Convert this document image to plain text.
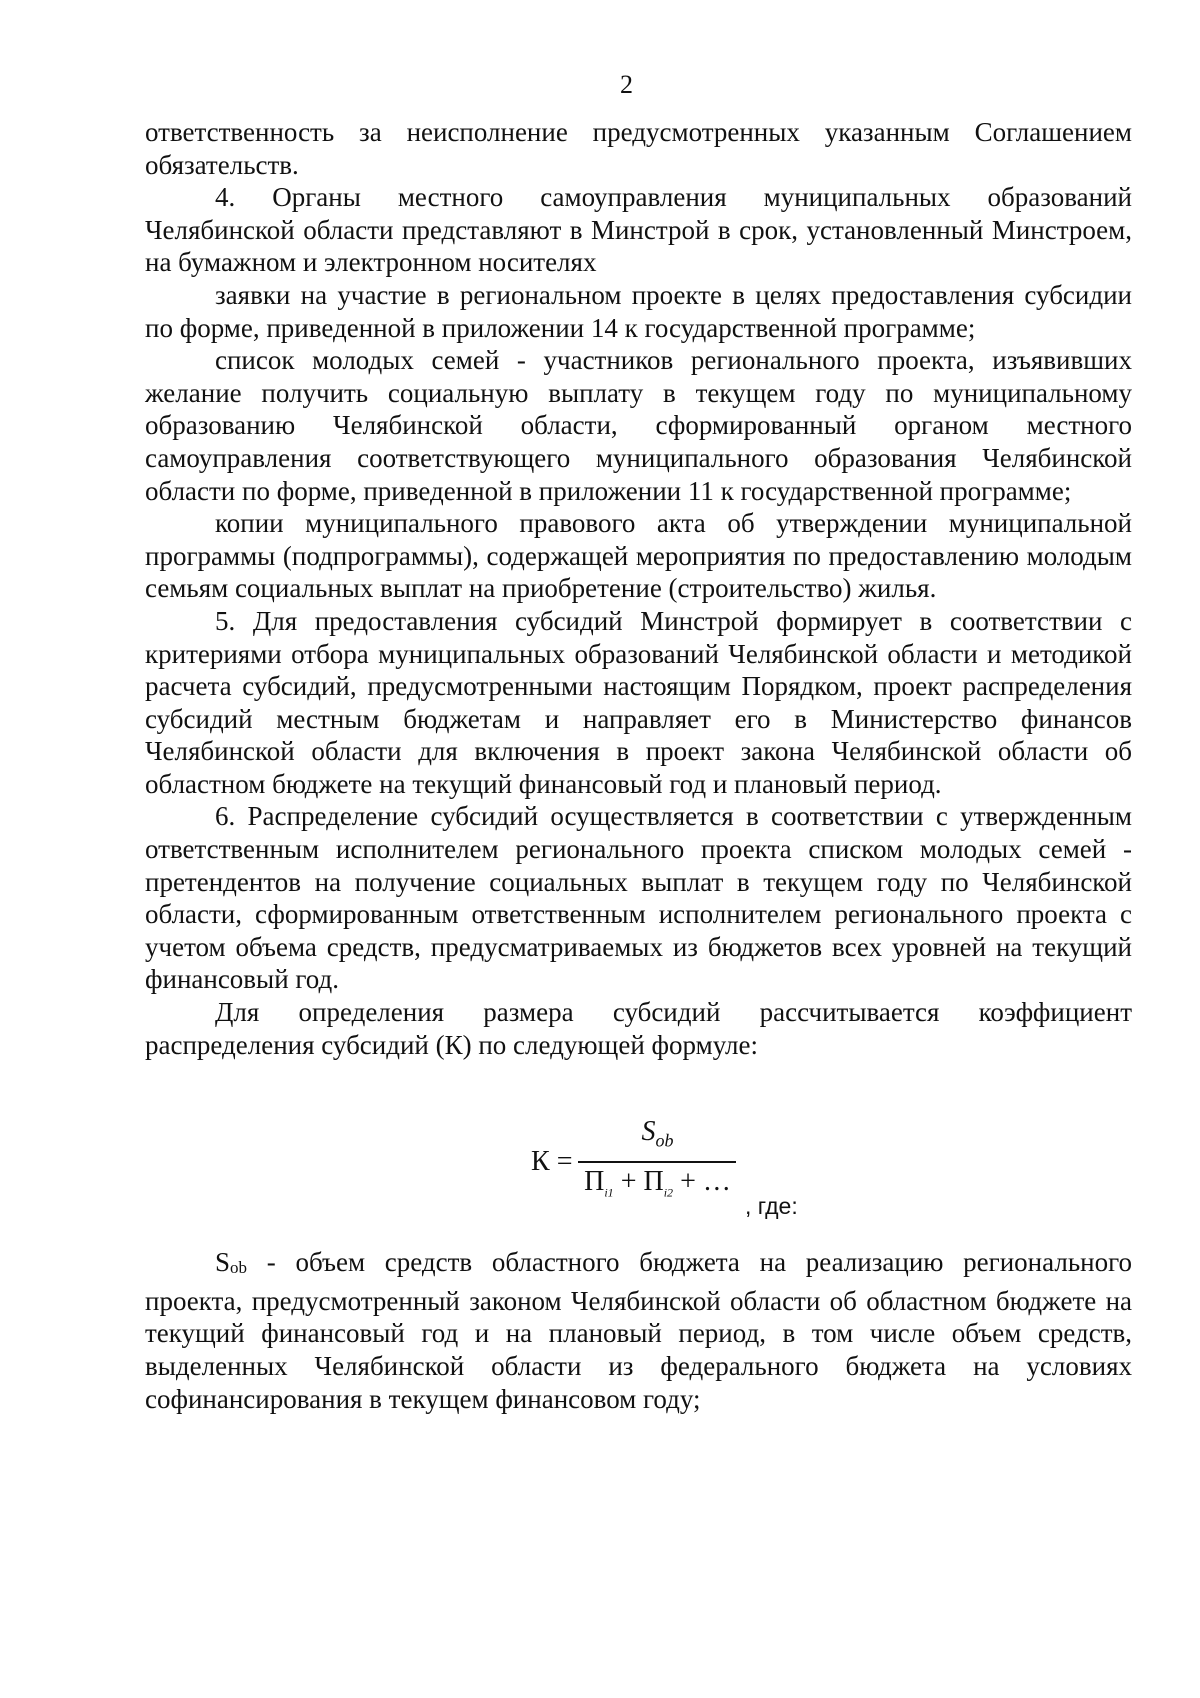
2

ответственность за неисполнение предусмотренных указанным Соглашением обязательств.

4. Органы местного самоуправления муниципальных образований Челябинской области представляют в Минстрой в срок, установленный Минстроем, на бумажном и электронном носителях

заявки на участие в региональном проекте в целях предоставления субсидии по форме, приведенной в приложении 14 к государственной программе;

список молодых семей - участников регионального проекта, изъявивших желание получить социальную выплату в текущем году по муниципальному образованию Челябинской области, сформированный органом местного самоуправления соответствующего муниципального образования Челябинской области по форме, приведенной в приложении 11 к государственной программе;

копии муниципального правового акта об утверждении муниципальной программы (подпрограммы), содержащей мероприятия по предоставлению молодым семьям социальных выплат на приобретение (строительство) жилья.

5. Для предоставления субсидий Минстрой формирует в соответствии с критериями отбора муниципальных образований Челябинской области и методикой расчета субсидий, предусмотренными настоящим Порядком, проект распределения субсидий местным бюджетам и направляет его в Министерство финансов Челябинской области для включения в проект закона Челябинской области об областном бюджете на текущий финансовый год и плановый период.

6. Распределение субсидий осуществляется в соответствии с утвержденным ответственным исполнителем регионального проекта списком молодых семей - претендентов на получение социальных выплат в текущем году по Челябинской области, сформированным ответственным исполнителем регионального проекта с учетом объема средств, предусматриваемых из бюджетов всех уровней на текущий финансовый год.

Для определения размера субсидий рассчитывается коэффициент распределения субсидий (К) по следующей формуле:

$К = \frac{S_{ob}}{П_{i1} + П_{i2} + \dots}$ , где:

Sob - объем средств областного бюджета на реализацию регионального проекта, предусмотренный законом Челябинской области об областном бюджете на текущий финансовый год и на плановый период, в том числе объем средств, выделенных Челябинской области из федерального бюджета на условиях софинансирования в текущем финансовом году;
